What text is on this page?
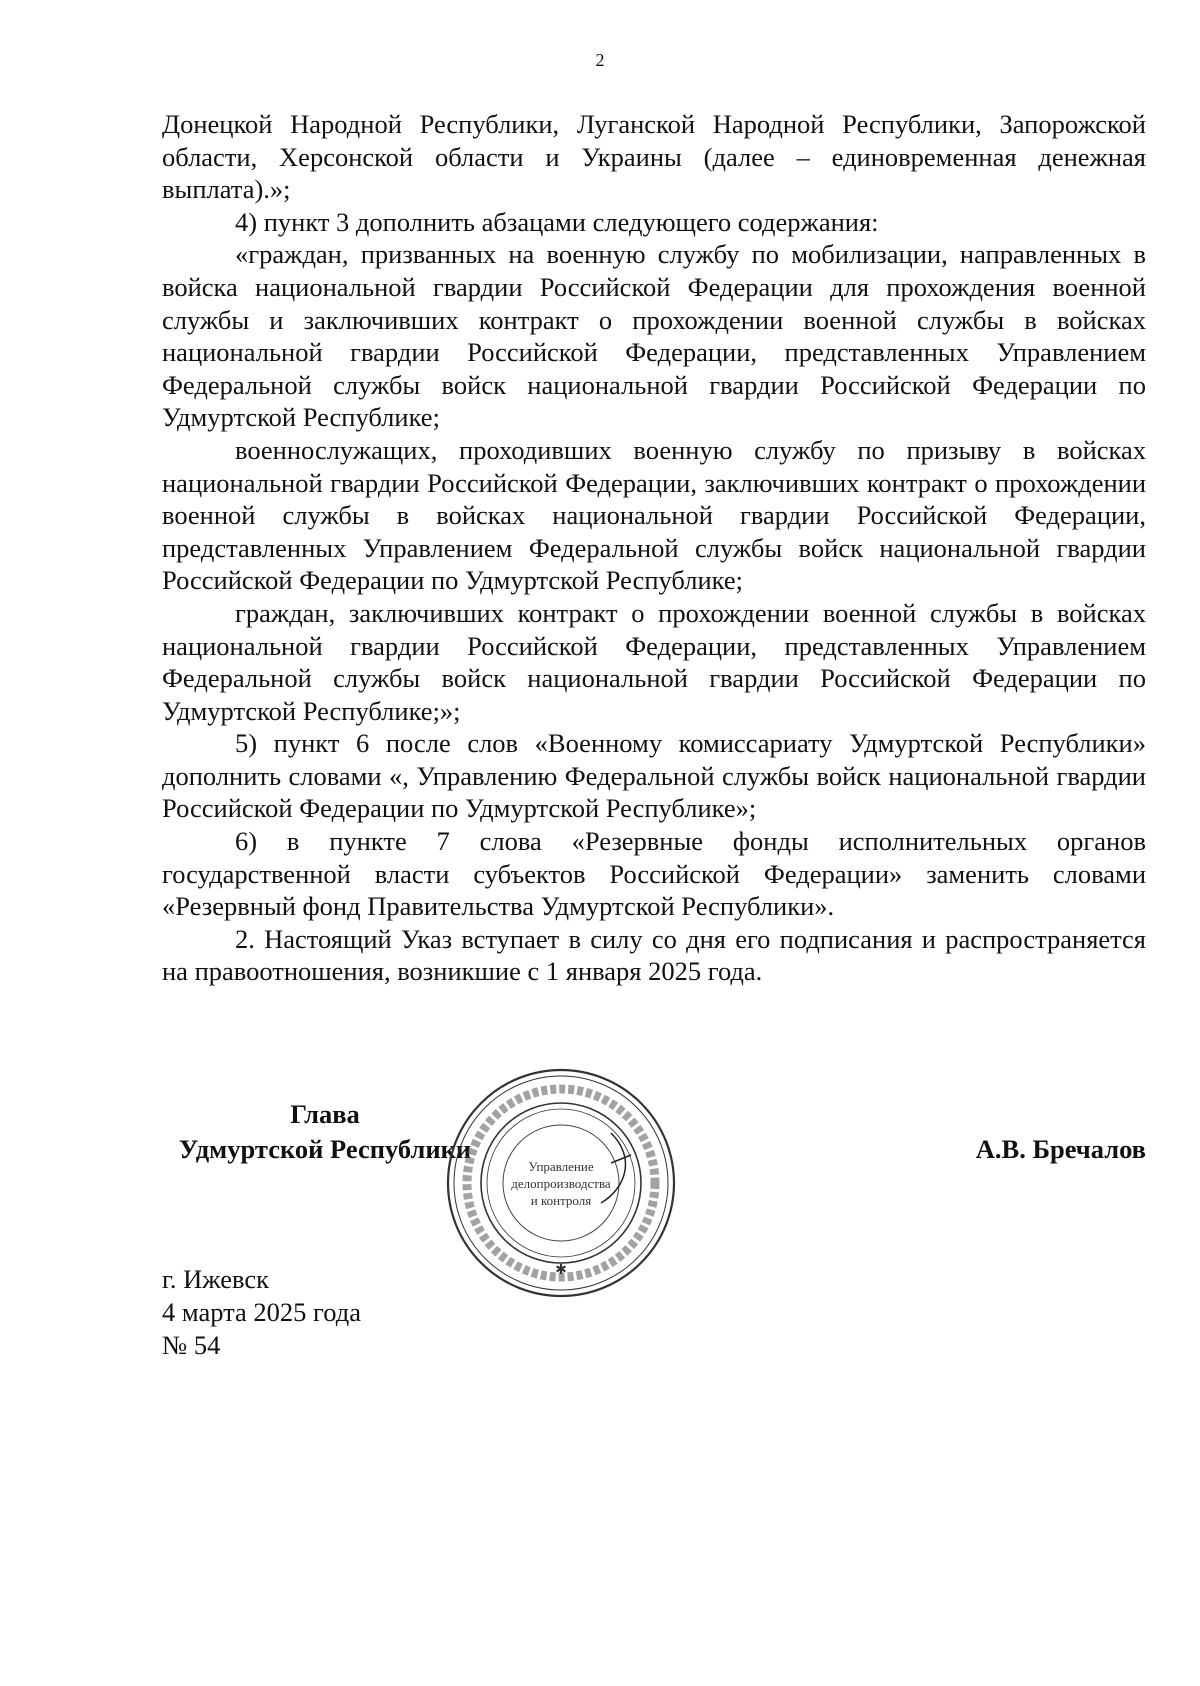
2

Донецкой Народной Республики, Луганской Народной Республики, Запорожской области, Херсонской области и Украины (далее – единовременная денежная выплата).»;

4) пункт 3 дополнить абзацами следующего содержания:

«граждан, призванных на военную службу по мобилизации, направленных в войска национальной гвардии Российской Федерации для прохождения военной службы и заключивших контракт о прохождении военной службы в войсках национальной гвардии Российской Федерации, представленных Управлением Федеральной службы войск национальной гвардии Российской Федерации по Удмуртской Республике;

военнослужащих, проходивших военную службу по призыву в войсках национальной гвардии Российской Федерации, заключивших контракт о прохождении военной службы в войсках национальной гвардии Российской Федерации, представленных Управлением Федеральной службы войск национальной гвардии Российской Федерации по Удмуртской Республике;

граждан, заключивших контракт о прохождении военной службы в войсках национальной гвардии Российской Федерации, представленных Управлением Федеральной службы войск национальной гвардии Российской Федерации по Удмуртской Республике;»;

5) пункт 6 после слов «Военному комиссариату Удмуртской Республики» дополнить словами «, Управлению Федеральной службы войск национальной гвардии Российской Федерации по Удмуртской Республике»;

6) в пункте 7 слова «Резервные фонды исполнительных органов государственной власти субъектов Российской Федерации» заменить словами «Резервный фонд Правительства Удмуртской Республики».

2. Настоящий Указ вступает в силу со дня его подписания и распространяется на правоотношения, возникшие с 1 января 2025 года.

Глава
Удмуртской Республики
Управление
делопроизводства
и контроля
✱
А.В. Бречалов
г. Ижевск
4 марта 2025 года
№ 54
